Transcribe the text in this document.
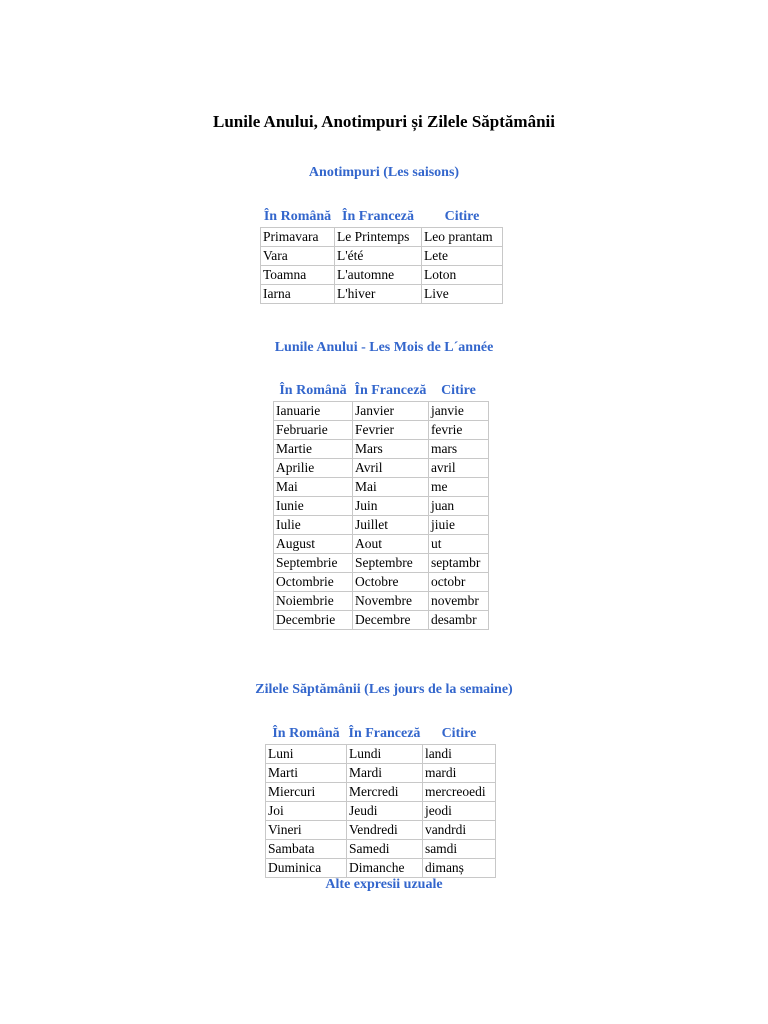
Lunile Anului, Anotimpuri și Zilele Săptămânii
Anotimpuri (Les saisons)
În Română	În Franceză	Citire
Primavara	Le Printemps	Leo prantam
Vara	L'été	Lete
Toamna	L'automne	Loton
Iarna	L'hiver	Live
Lunile Anului - Les Mois de L´année
În Română	În Franceză	Citire
Ianuarie	Janvier	janvie
Februarie	Fevrier	fevrie
Martie	Mars	mars
Aprilie	Avril	avril
Mai	Mai	me
Iunie	Juin	juan
Iulie	Juillet	jiuie
August	Aout	ut
Septembrie	Septembre	septambr
Octombrie	Octobre	octobr
Noiembrie	Novembre	novembr
Decembrie	Decembre	desambr
Zilele Săptămânii (Les jours de la semaine)
În Română	În Franceză	Citire
Luni	Lundi	landi
Marti	Mardi	mardi
Miercuri	Mercredi	mercreoedi
Joi	Jeudi	jeodi
Vineri	Vendredi	vandrdi
Sambata	Samedi	samdi
Duminica	Dimanche	dimanș
Alte expresii uzuale
